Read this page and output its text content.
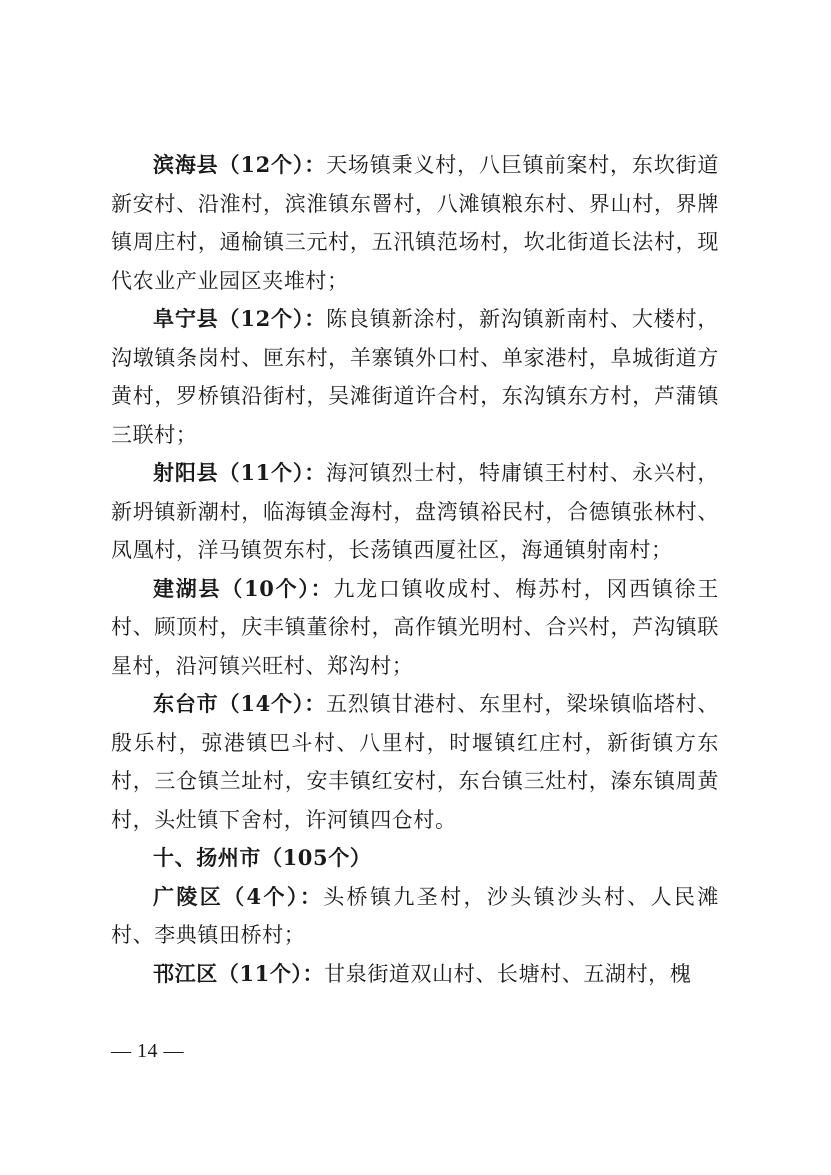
滨海县（12个）：天场镇秉义村，八巨镇前案村，东坎街道新安村、沿淮村，滨淮镇东罾村，八滩镇粮东村、界山村，界牌镇周庄村，通榆镇三元村，五汛镇范场村，坎北街道长法村，现代农业产业园区夹堆村；

阜宁县（12个）：陈良镇新涂村，新沟镇新南村、大楼村，沟墩镇条岗村、匣东村，羊寨镇外口村、单家港村，阜城街道方黄村，罗桥镇沿街村，吴滩街道许合村，东沟镇东方村，芦蒲镇三联村；

射阳县（11个）：海河镇烈士村，特庸镇王村村、永兴村，新坍镇新潮村，临海镇金海村，盘湾镇裕民村，合德镇张林村、凤凰村，洋马镇贺东村，长荡镇西厦社区，海通镇射南村；

建湖县（10个）：九龙口镇收成村、梅苏村，冈西镇徐王村、顾顶村，庆丰镇董徐村，高作镇光明村、合兴村，芦沟镇联星村，沿河镇兴旺村、郑沟村；

东台市（14个）：五烈镇甘港村、东里村，梁垛镇临塔村、殷乐村，弶港镇巴斗村、八里村，时堰镇红庄村，新街镇方东村，三仓镇兰址村，安丰镇红安村，东台镇三灶村，溱东镇周黄村，头灶镇下舍村，许河镇四仓村。

十、扬州市（105个）

广陵区（4个）：头桥镇九圣村，沙头镇沙头村、人民滩村、李典镇田桥村；

邗江区（11个）：甘泉街道双山村、长塘村、五湖村，槐

— 14 —
